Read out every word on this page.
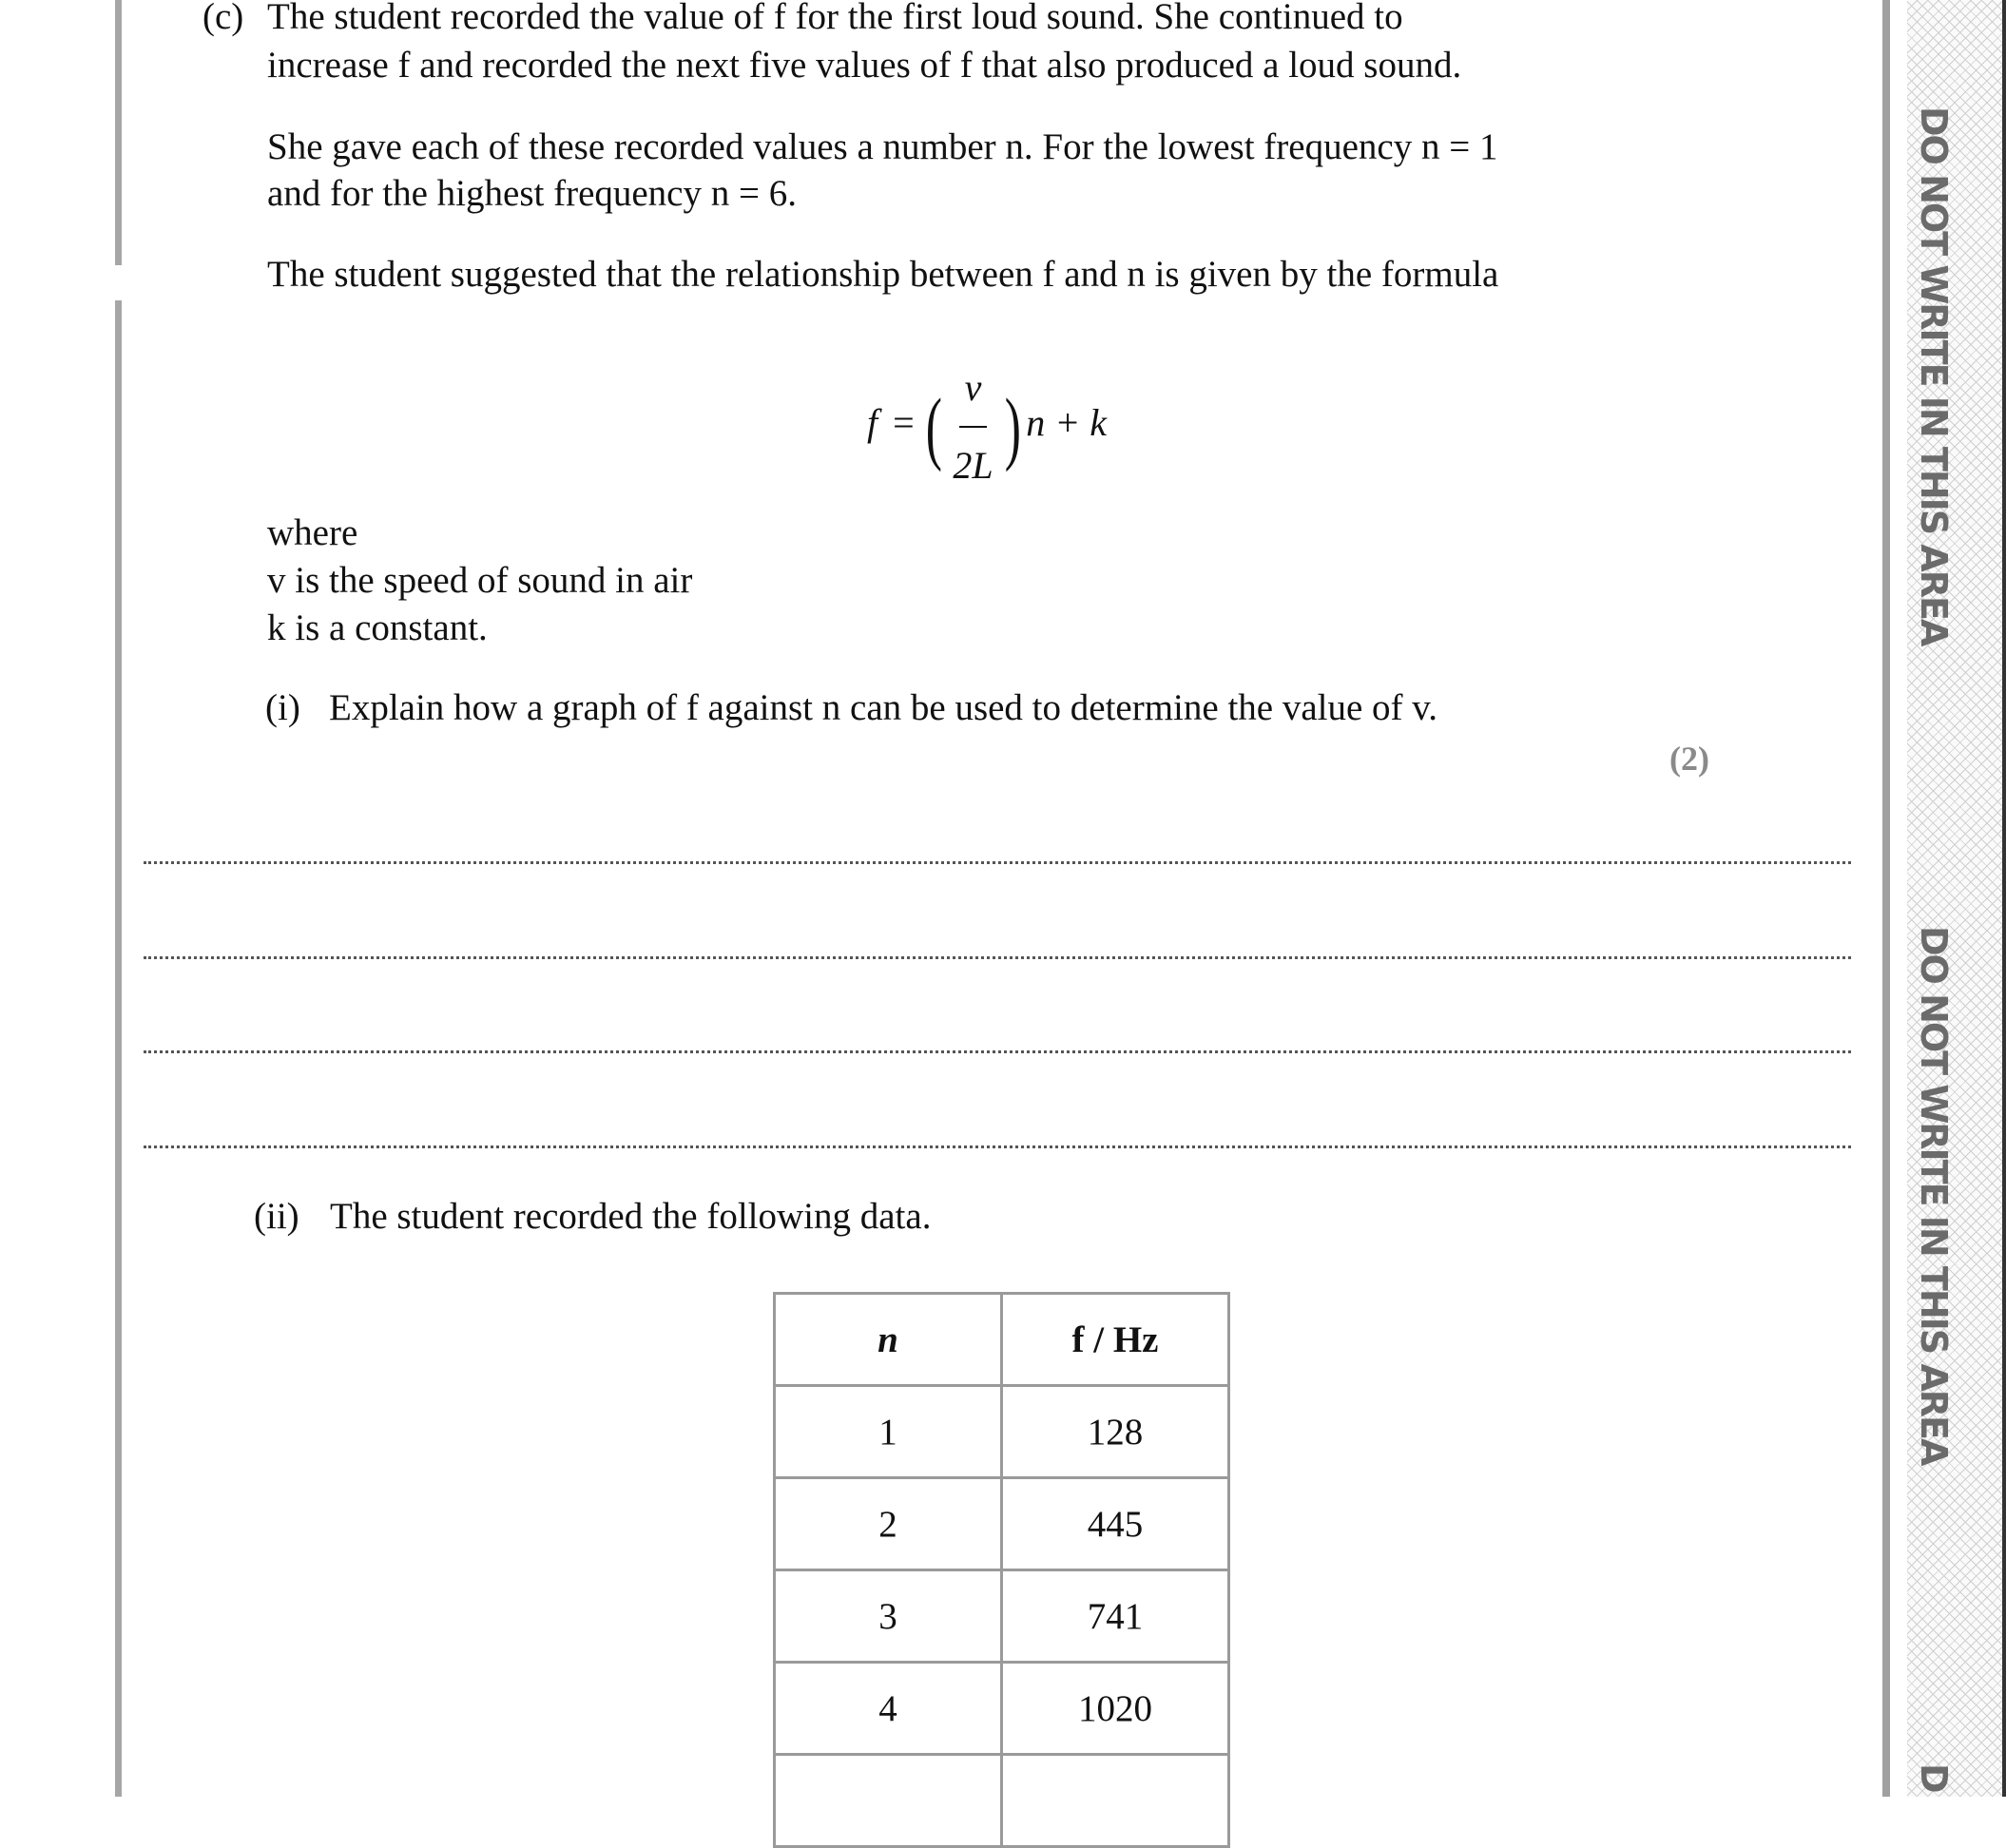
(c) The student recorded the value of f for the first loud sound. She continued to
increase f and recorded the next five values of f that also produced a loud sound.
She gave each of these recorded values a number n. For the lowest frequency n = 1
and for the highest frequency n = 6.
The student suggested that the relationship between f and n is given by the formula
f = ( $\frac{v}{2L}$ ) n + k
where
v is the speed of sound in air
k is a constant.
(i) Explain how a graph of f against n can be used to determine the value of v.
(2)
(ii) The student recorded the following data.
n	f / Hz
1	128
2	445
3	741
4	1020

DO NOT WRITE IN THIS AREA
DO NOT WRITE IN THIS AREA
D
